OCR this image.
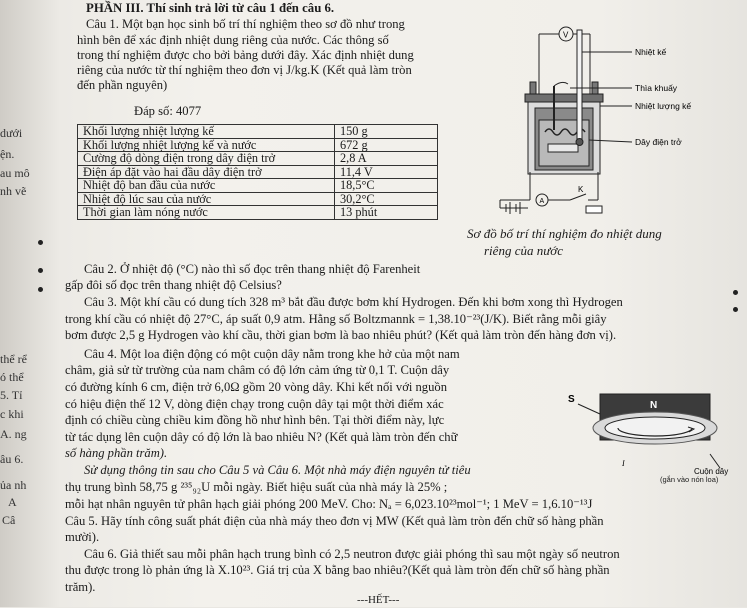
dưới
ện.
au mô
nh vẽ
thể rể
ó thể
5. Tỉ
c khi
A. ng
âu 6.
ủa nh
A
Câ
PHẦN III. Thí sinh trả lời từ câu 1 đến câu 6.
Câu 1. Một bạn học sinh bố trí thí nghiệm theo sơ đồ như trong
hình bên để xác định nhiệt dung riêng của nước. Các thông số
trong thí nghiệm được cho bởi bảng dưới đây. Xác định nhiệt dung
riêng của nước từ thí nghiệm theo đơn vị J/kg.K (Kết quả làm tròn
đến phần nguyên)
Đáp số: 4077
Khối lượng nhiệt lượng kế	150 g
Khối lượng nhiệt lượng kế và nước	672 g
Cường độ dòng điện trong dây điện trở	2,8 A
Điện áp đặt vào hai đầu dây điện trở	11,4 V
Nhiệt độ ban đầu của nước	18,5°C
Nhiệt độ lúc sau của nước	30,2°C
Thời gian làm nóng nước	13 phút
V
A
K
Nhiệt kế
Thìa khuấy
Nhiệt lượng kế
Dây điện trở
Sơ đồ bố trí thí nghiệm đo nhiệt dung
riêng của nước
Câu 2. Ở nhiệt độ (°C) nào thì số đọc trên thang nhiệt độ Farenheit
gấp đôi số đọc trên thang nhiệt độ Celsius?
Câu 3. Một khí cầu có dung tích 328 m³ bắt đầu được bơm khí Hydrogen. Đến khi bơm xong thì Hydrogen
trong khí cầu có nhiệt độ 27°C, áp suất 0,9 atm. Hằng số Boltzmannk = 1,38.10⁻²³(J/K). Biết rằng mỗi giây
bơm được 2,5 g Hydrogen vào khí cầu, thời gian bơm là bao nhiêu phút? (Kết quả làm tròn đến hàng đơn vị).
Câu 4. Một loa điện động có một cuộn dây nằm trong khe hở của một nam
châm, giả sử từ trường của nam châm có độ lớn cảm ứng từ 0,1 T. Cuộn dây
có đường kính 6 cm, điện trở 6,0Ω gồm 20 vòng dây. Khi kết nối với nguồn
có hiệu điện thế 12 V, dòng điện chạy trong cuộn dây tại một thời điểm xác
định có chiều cùng chiều kim đồng hồ như hình bên. Tại thời điểm này, lực
từ tác dụng lên cuộn dây có độ lớn là bao nhiêu N? (Kết quả làm tròn đến chữ
số hàng phần trăm).
S
N
I
Cuộn dây
(gắn vào nón loa)
Sử dụng thông tin sau cho Câu 5 và Câu 6. Một nhà máy điện nguyên tử tiêu
thụ trung bình 58,75 g ²³⁵₉₂U mỗi ngày. Biết hiệu suất của nhà máy là 25% ;
mỗi hạt nhân nguyên tử phân hạch giải phóng 200 MeV. Cho: Nₐ = 6,023.10²³mol⁻¹; 1 MeV = 1,6.10⁻¹³J
Câu 5. Hãy tính công suất phát điện của nhà máy theo đơn vị MW (Kết quả làm tròn đến chữ số hàng phần
mười).
Câu 6. Giả thiết sau mỗi phân hạch trung bình có 2,5 neutron được giải phóng thì sau một ngày số neutron
thu được trong lò phản ứng là X.10²³. Giá trị của X bằng bao nhiêu?(Kết quả làm tròn đến chữ số hàng phần
trăm).
---HẾT---
